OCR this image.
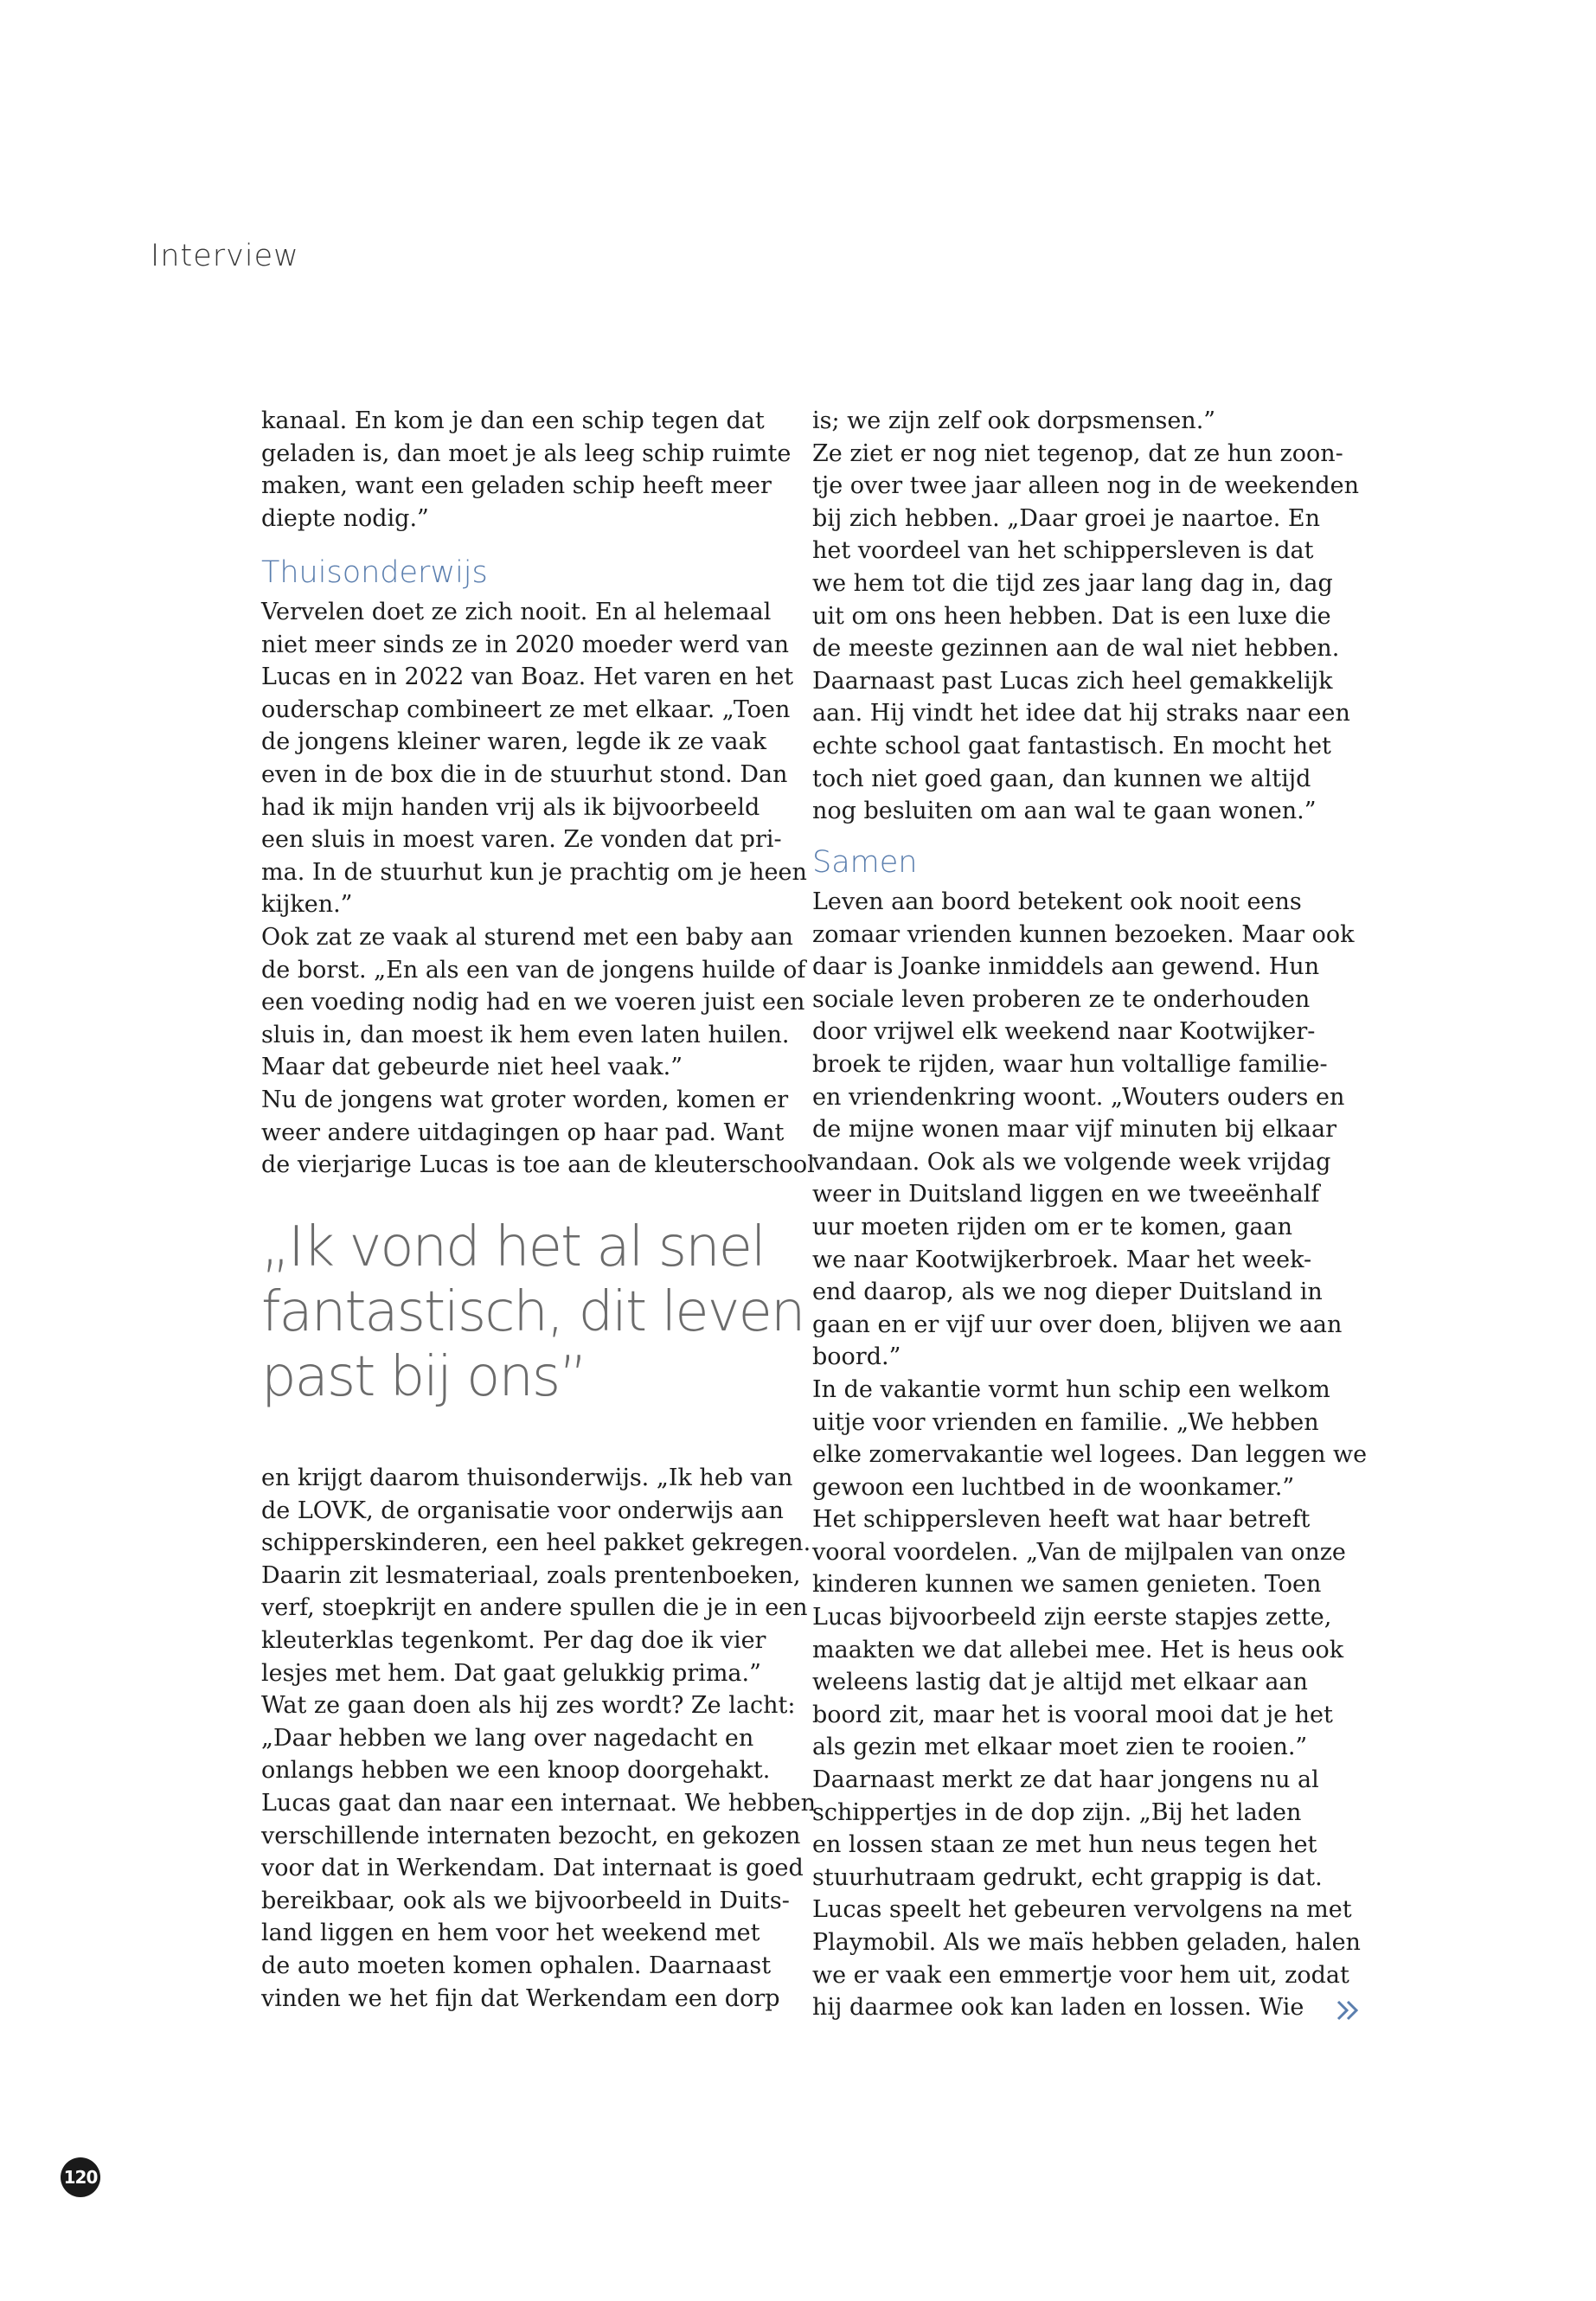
Interview

kanaal. En kom je dan een schip tegen dat

geladen is, dan moet je als leeg schip ruimte

maken, want een geladen schip heeft meer

diepte nodig.”

Thuisonderwijs

Vervelen doet ze zich nooit. En al helemaal

niet meer sinds ze in 2020 moeder werd van

Lucas en in 2022 van Boaz. Het varen en het

ouderschap combineert ze met elkaar. „Toen

de jongens kleiner waren, legde ik ze vaak

even in de box die in de stuurhut stond. Dan

had ik mijn handen vrij als ik bijvoorbeeld

een sluis in moest varen. Ze vonden dat pri-

ma. In de stuurhut kun je prachtig om je heen

kijken.”

Ook zat ze vaak al sturend met een baby aan

de borst. „En als een van de jongens huilde of

een voeding nodig had en we voeren juist een

sluis in, dan moest ik hem even laten huilen.

Maar dat gebeurde niet heel vaak.”

Nu de jongens wat groter worden, komen er

weer andere uitdagingen op haar pad. Want

de vierjarige Lucas is toe aan de kleuterschool

„Ik vond het al snel
fantastisch, dit leven
past bij ons”

en krijgt daarom thuisonderwijs. „Ik heb van

de LOVK, de organisatie voor onderwijs aan

schipperskinderen, een heel pakket gekregen.

Daarin zit lesmateriaal, zoals prentenboeken,

verf, stoepkrijt en andere spullen die je in een

kleuterklas tegenkomt. Per dag doe ik vier

lesjes met hem. Dat gaat gelukkig prima.”

Wat ze gaan doen als hij zes wordt? Ze lacht:

„Daar hebben we lang over nagedacht en

onlangs hebben we een knoop doorgehakt.

Lucas gaat dan naar een internaat. We hebben

verschillende internaten bezocht, en gekozen

voor dat in Werkendam. Dat internaat is goed

bereikbaar, ook als we bijvoorbeeld in Duits-

land liggen en hem voor het weekend met

de auto moeten komen ophalen. Daarnaast

vinden we het fijn dat Werkendam een dorp

is; we zijn zelf ook dorpsmensen.”

Ze ziet er nog niet tegenop, dat ze hun zoon-

tje over twee jaar alleen nog in de weekenden

bij zich hebben. „Daar groei je naartoe. En

het voordeel van het schippersleven is dat

we hem tot die tijd zes jaar lang dag in, dag

uit om ons heen hebben. Dat is een luxe die

de meeste gezinnen aan de wal niet hebben.

Daarnaast past Lucas zich heel gemakkelijk

aan. Hij vindt het idee dat hij straks naar een

echte school gaat fantastisch. En mocht het

toch niet goed gaan, dan kunnen we altijd

nog besluiten om aan wal te gaan wonen.”

Samen

Leven aan boord betekent ook nooit eens

zomaar vrienden kunnen bezoeken. Maar ook

daar is Joanke inmiddels aan gewend. Hun

sociale leven proberen ze te onderhouden

door vrijwel elk weekend naar Kootwijker-

broek te rijden, waar hun voltallige familie-

en vriendenkring woont. „Wouters ouders en

de mijne wonen maar vijf minuten bij elkaar

vandaan. Ook als we volgende week vrijdag

weer in Duitsland liggen en we tweeënhalf

uur moeten rijden om er te komen, gaan

we naar Kootwijkerbroek. Maar het week-

end daarop, als we nog dieper Duitsland in

gaan en er vijf uur over doen, blijven we aan

boord.”

In de vakantie vormt hun schip een welkom

uitje voor vrienden en familie. „We hebben

elke zomervakantie wel logees. Dan leggen we

gewoon een luchtbed in de woonkamer.”

Het schippersleven heeft wat haar betreft

vooral voordelen. „Van de mijlpalen van onze

kinderen kunnen we samen genieten. Toen

Lucas bijvoorbeeld zijn eerste stapjes zette,

maakten we dat allebei mee. Het is heus ook

weleens lastig dat je altijd met elkaar aan

boord zit, maar het is vooral mooi dat je het

als gezin met elkaar moet zien te rooien.”

Daarnaast merkt ze dat haar jongens nu al

schippertjes in de dop zijn. „Bij het laden

en lossen staan ze met hun neus tegen het

stuurhutraam gedrukt, echt grappig is dat.

Lucas speelt het gebeuren vervolgens na met

Playmobil. Als we maïs hebben geladen, halen

we er vaak een emmertje voor hem uit, zodat

hij daarmee ook kan laden en lossen. Wie

120
